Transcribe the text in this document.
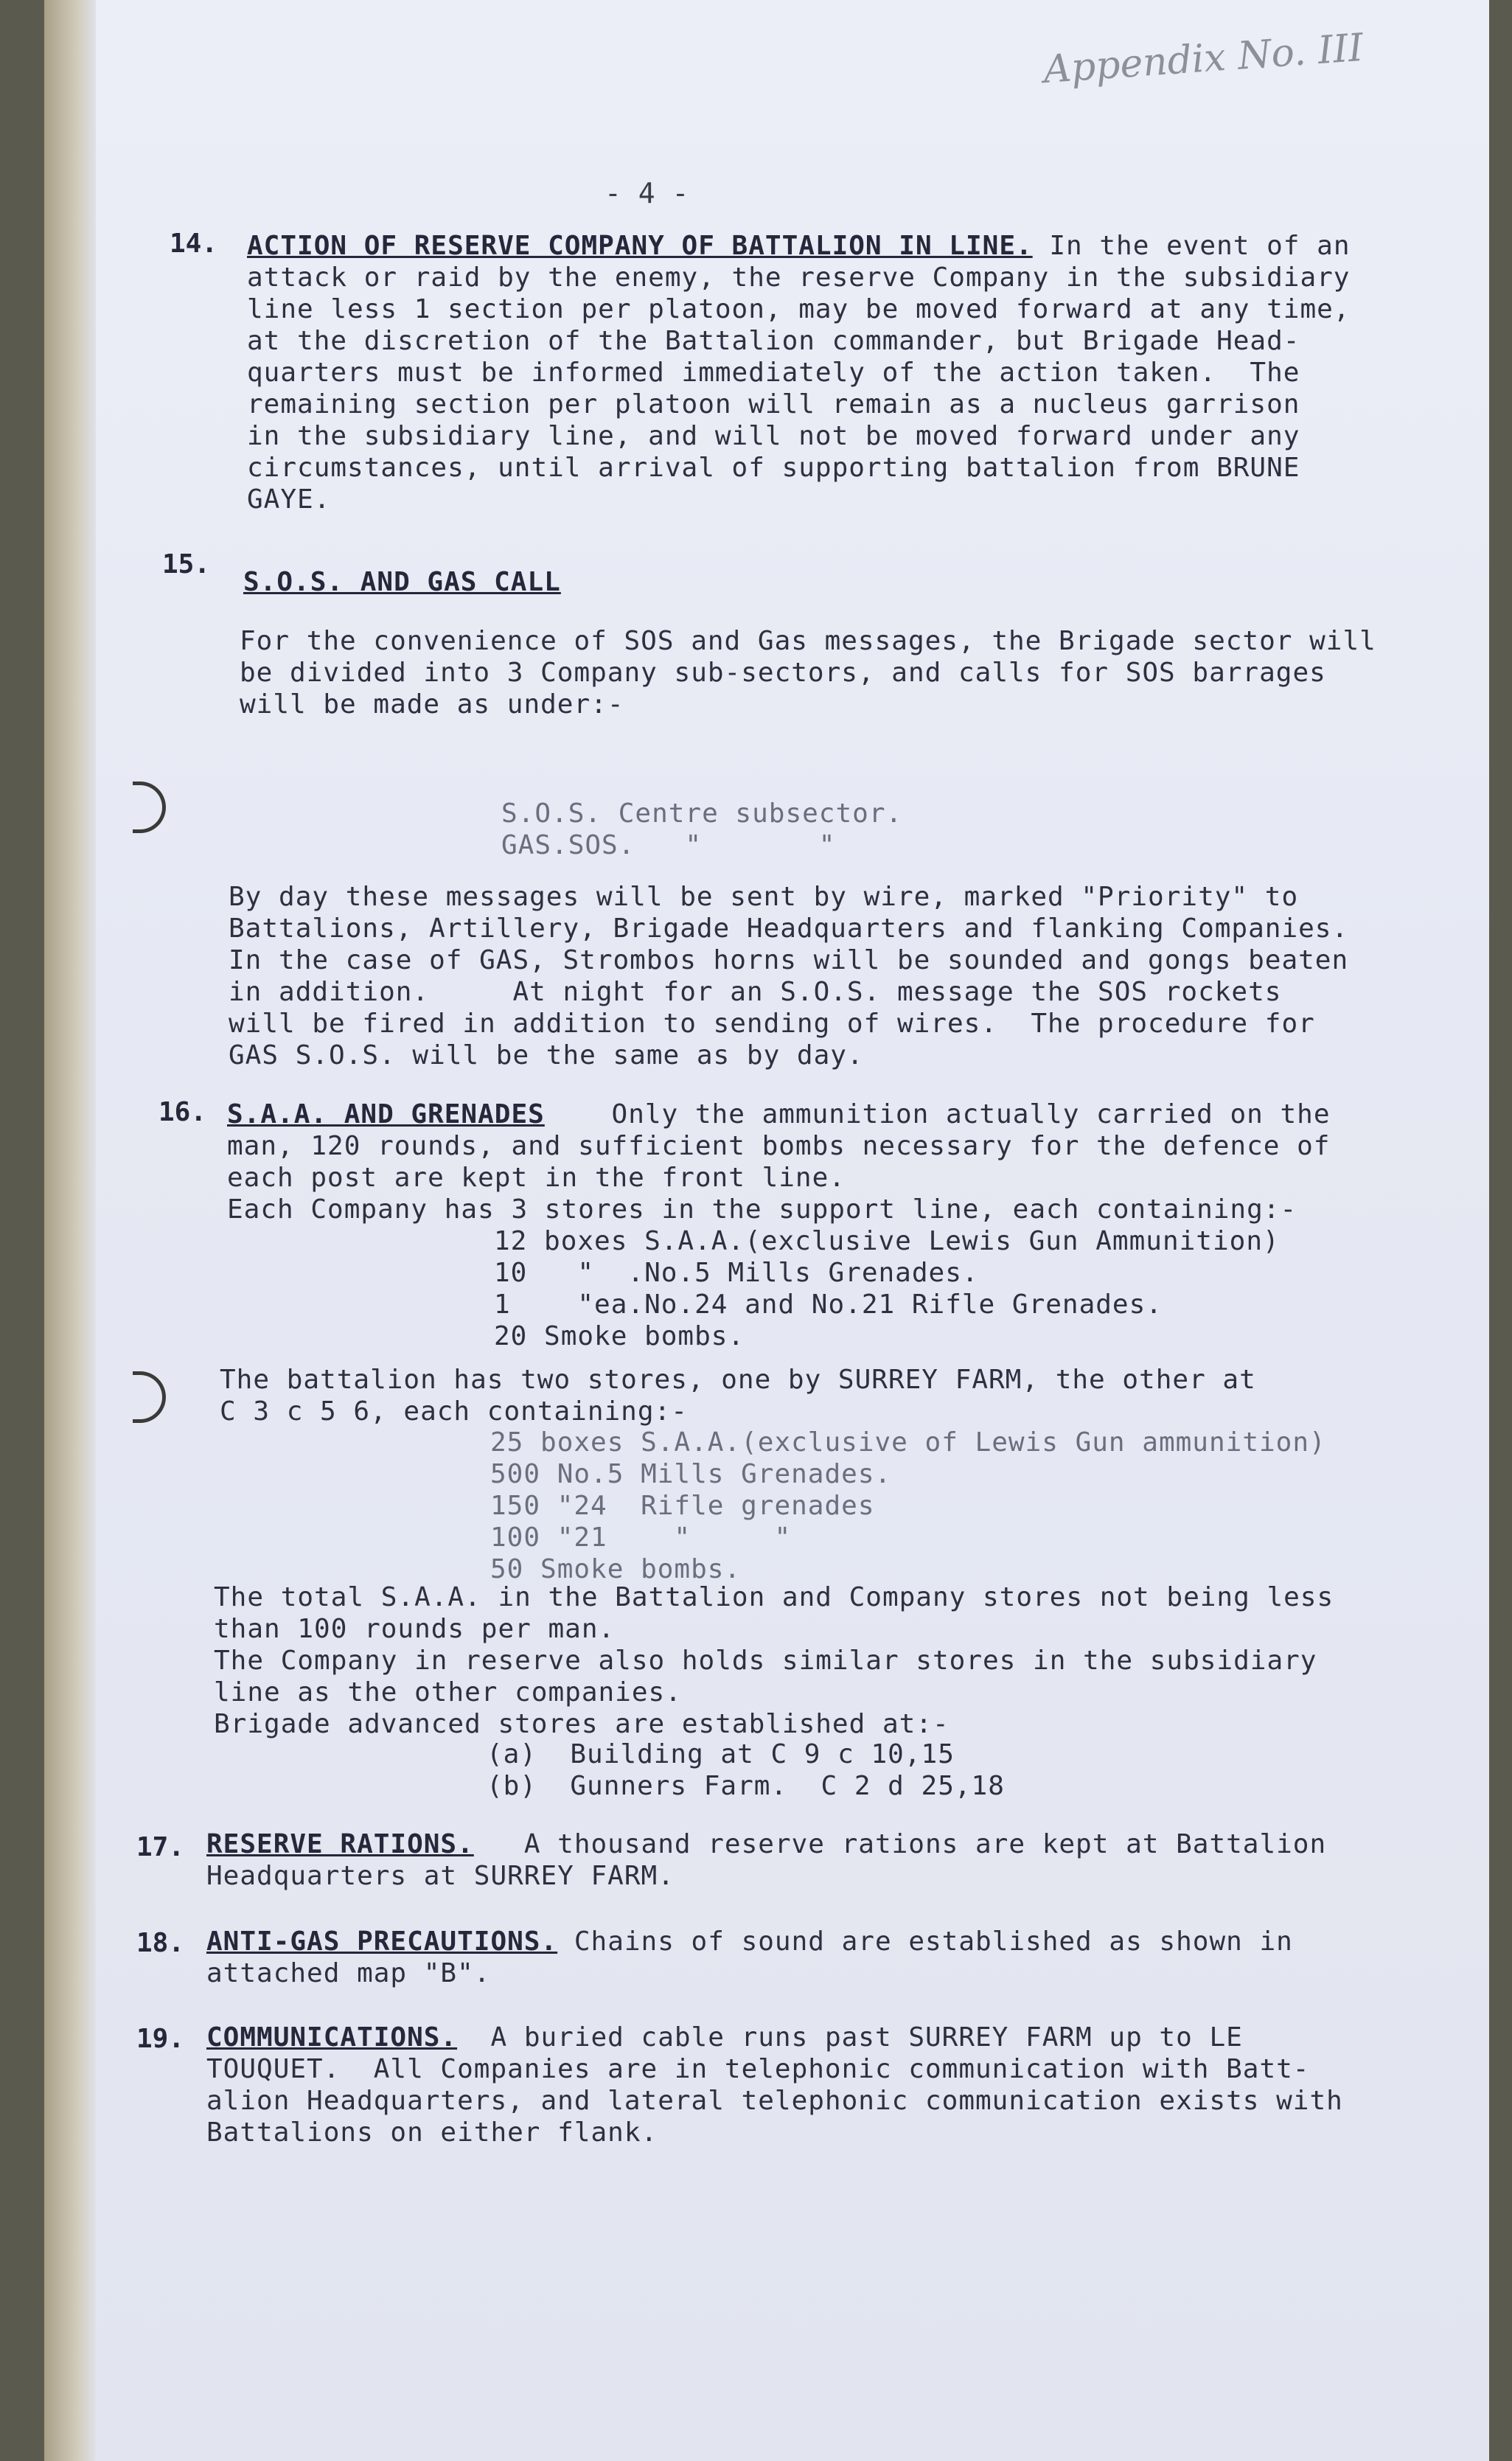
Appendix No. III
- 4 -
14. ACTION OF RESERVE COMPANY OF BATTALION IN LINE. In the event of an
attack or raid by the enemy, the reserve Company in the subsidiary
line less 1 section per platoon, may be moved forward at any time,
at the discretion of the Battalion commander, but Brigade Head-
quarters must be informed immediately of the action taken.  The
remaining section per platoon will remain as a nucleus garrison
in the subsidiary line, and will not be moved forward under any
circumstances, until arrival of supporting battalion from BRUNE
GAYE.
15.
S.O.S. AND GAS CALL
For the convenience of SOS and Gas messages, the Brigade sector will
be divided into 3 Company sub-sectors, and calls for SOS barrages
will be made as under:-
S.O.S. Centre subsector.
GAS.SOS.   "       "
By day these messages will be sent by wire, marked "Priority" to
Battalions, Artillery, Brigade Headquarters and flanking Companies.
In the case of GAS, Strombos horns will be sounded and gongs beaten
in addition.     At night for an S.O.S. message the SOS rockets
will be fired in addition to sending of wires.  The procedure for
GAS S.O.S. will be the same as by day.
16. S.A.A. AND GRENADES	Only the ammunition actually carried on the
man, 120 rounds, and sufficient bombs necessary for the defence of
each post are kept in the front line.
Each Company has 3 stores in the support line, each containing:-
12 boxes S.A.A.(exclusive Lewis Gun Ammunition)
10   "  .No.5 Mills Grenades.
1    "ea.No.24 and No.21 Rifle Grenades.
20 Smoke bombs.
The battalion has two stores, one by SURREY FARM, the other at
C 3 c 5 6, each containing:-
25 boxes S.A.A.(exclusive of Lewis Gun ammunition)
500 No.5 Mills Grenades.
150 "24  Rifle grenades
100 "21    "     "
50 Smoke bombs.
The total S.A.A. in the Battalion and Company stores not being less
than 100 rounds per man.
The Company in reserve also holds similar stores in the subsidiary
line as the other companies.
Brigade advanced stores are established at:-
(a)  Building at C 9 c 10,15
(b)  Gunners Farm.  C 2 d 25,18
17. RESERVE RATIONS. A thousand reserve rations are kept at Battalion
Headquarters at SURREY FARM.
18. ANTI-GAS PRECAUTIONS. Chains of sound are established as shown in
attached map "B".
19. COMMUNICATIONS. A buried cable runs past SURREY FARM up to LE
TOUQUET.  All Companies are in telephonic communication with Batt-
alion Headquarters, and lateral telephonic communication exists with
Battalions on either flank.
